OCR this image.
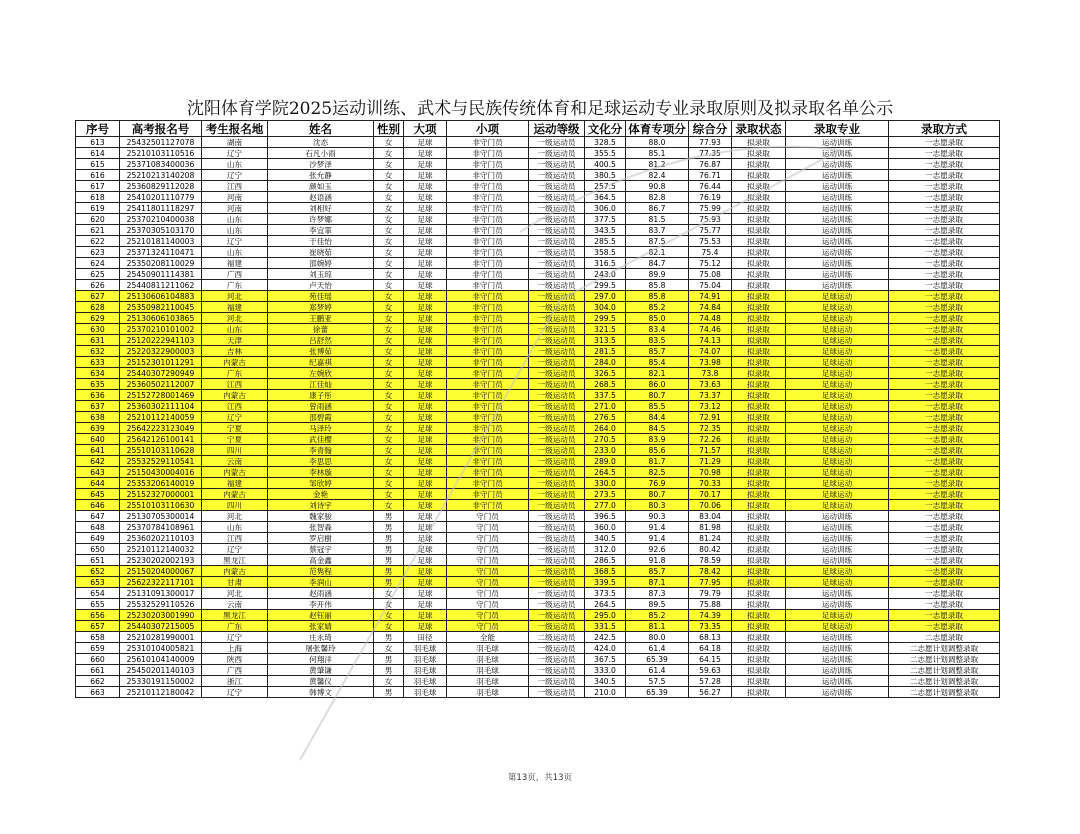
沈阳体育学院2025运动训练、武术与民族传统体育和足球运动专业录取原则及拟录取名单公示
序号	高考报名号	考生报名地	姓名	性别	大项	小项	运动等级	文化分	体育专项分	综合分	录取状态	录取专业	录取方式
613	25432501127078	湖南	沈态	女	足球	非守门员	一级运动员	328.5	88.0	77.93	拟录取	运动训练	一志愿录取
614	25210103110516	辽宁	石凡小雨	女	足球	非守门员	一级运动员	355.5	85.1	77.35	拟录取	运动训练	一志愿录取
615	25371083400036	山东	沙梦泽	女	足球	非守门员	一级运动员	400.5	81.2	76.87	拟录取	运动训练	一志愿录取
616	25210213140208	辽宁	张允静	女	足球	非守门员	一级运动员	380.5	82.4	76.71	拟录取	运动训练	一志愿录取
617	25360829112028	江西	颜如玉	女	足球	非守门员	一级运动员	257.5	90.8	76.44	拟录取	运动训练	一志愿录取
618	25410201110779	河南	赵语涵	女	足球	非守门员	一级运动员	364.5	82.8	76.19	拟录取	运动训练	一志愿录取
619	25411801118297	河南	刘相好	女	足球	非守门员	一级运动员	306.0	86.7	75.99	拟录取	运动训练	一志愿录取
620	25370210400038	山东	许梦娜	女	足球	非守门员	一级运动员	377.5	81.5	75.93	拟录取	运动训练	一志愿录取
621	25370305103170	山东	李宜霏	女	足球	非守门员	一级运动员	343.5	83.7	75.77	拟录取	运动训练	一志愿录取
622	25210181140003	辽宁	于佳怡	女	足球	非守门员	一级运动员	285.5	87.5	75.53	拟录取	运动训练	一志愿录取
623	25371324110471	山东	崔晓茹	女	足球	非守门员	一级运动员	358.5	82.1	75.4	拟录取	运动训练	一志愿录取
624	25350208110029	福建	邵婉婷	女	足球	非守门员	一级运动员	316.5	84.7	75.12	拟录取	运动训练	一志愿录取
625	25450901114381	广西	刘玉琼	女	足球	非守门员	一级运动员	243.0	89.9	75.08	拟录取	运动训练	一志愿录取
626	25440811211062	广东	卢天怡	女	足球	非守门员	一级运动员	299.5	85.8	75.04	拟录取	运动训练	一志愿录取
627	25130606104883	河北	苑佳瑶	女	足球	非守门员	一级运动员	297.0	85.8	74.91	拟录取	足球运动	一志愿录取
628	25350982110045	福建	郑梦婷	女	足球	非守门员	一级运动员	304.0	85.2	74.84	拟录取	足球运动	一志愿录取
629	25130606103865	河北	王鹏亚	女	足球	非守门员	一级运动员	299.5	85.0	74.48	拟录取	足球运动	一志愿录取
630	25370210101002	山东	徐蕾	女	足球	非守门员	一级运动员	321.5	83.4	74.46	拟录取	足球运动	一志愿录取
631	25120222941103	天津	吕舒然	女	足球	非守门员	一级运动员	313.5	83.5	74.13	拟录取	足球运动	一志愿录取
632	25220322900003	吉林	张博茹	女	足球	非守门员	一级运动员	281.5	85.7	74.07	拟录取	足球运动	一志愿录取
633	25152301011291	内蒙古	纪嘉祺	女	足球	非守门员	一级运动员	284.0	85.4	73.98	拟录取	足球运动	一志愿录取
634	25440307290949	广东	左婉欣	女	足球	非守门员	一级运动员	326.5	82.1	73.8	拟录取	足球运动	一志愿录取
635	25360502112007	江西	江佳灿	女	足球	非守门员	一级运动员	268.5	86.0	73.63	拟录取	足球运动	一志愿录取
636	25152728001469	内蒙古	康子彤	女	足球	非守门员	一级运动员	337.5	80.7	73.37	拟录取	足球运动	一志愿录取
637	25360302111104	江西	曾雨涵	女	足球	非守门员	一级运动员	271.0	85.5	73.12	拟录取	足球运动	一志愿录取
638	25210112140059	辽宁	邵碧霞	女	足球	非守门员	一级运动员	276.5	84.4	72.91	拟录取	足球运动	一志愿录取
639	25642223123049	宁夏	马泽玲	女	足球	非守门员	一级运动员	264.0	84.5	72.35	拟录取	足球运动	一志愿录取
640	25642126100141	宁夏	武佳樱	女	足球	非守门员	一级运动员	270.5	83.9	72.26	拟录取	足球运动	一志愿录取
641	25510103110628	四川	李青翰	女	足球	非守门员	一级运动员	233.0	85.6	71.57	拟录取	足球运动	一志愿录取
642	25532529110541	云南	李思思	女	足球	非守门员	一级运动员	289.0	81.7	71.29	拟录取	足球运动	一志愿录取
643	25150430004016	内蒙古	李林璇	女	足球	非守门员	一级运动员	264.5	82.5	70.98	拟录取	足球运动	一志愿录取
644	25353206140019	福建	邹欣婷	女	足球	非守门员	一级运动员	330.0	76.9	70.33	拟录取	足球运动	一志愿录取
645	25152327000001	内蒙古	金艳	女	足球	非守门员	一级运动员	273.5	80.7	70.17	拟录取	足球运动	一志愿录取
646	25510103110630	四川	刘诗宇	女	足球	非守门员	一级运动员	277.0	80.3	70.06	拟录取	足球运动	一志愿录取
647	25130705300014	河北	魏家骏	男	足球	守门员	一级运动员	396.5	90.3	83.04	拟录取	运动训练	一志愿录取
648	25370784108961	山东	张智森	男	足球	守门员	一级运动员	360.0	91.4	81.98	拟录取	运动训练	一志愿录取
649	25360202110103	江西	罗启樹	男	足球	守门员	一级运动员	340.5	91.4	81.24	拟录取	运动训练	一志愿录取
650	25210112140032	辽宁	蔡冠宇	男	足球	守门员	一级运动员	312.0	92.6	80.42	拟录取	运动训练	一志愿录取
651	25230202002193	黑龙江	高金鑫	男	足球	守门员	一级运动员	286.5	91.8	78.59	拟录取	运动训练	一志愿录取
652	25150204000067	内蒙古	范隽程	男	足球	守门员	一级运动员	368.5	85.7	78.42	拟录取	足球运动	一志愿录取
653	25622322117101	甘肃	李润山	男	足球	守门员	一级运动员	339.5	87.1	77.95	拟录取	足球运动	一志愿录取
654	25131091300017	河北	赵雨涵	女	足球	守门员	一级运动员	373.5	87.3	79.79	拟录取	运动训练	一志愿录取
655	25532529110526	云南	李开伟	女	足球	守门员	一级运动员	264.5	89.5	75.88	拟录取	运动训练	一志愿录取
656	25230203001990	黑龙江	赵钰丽	女	足球	守门员	一级运动员	295.0	85.2	74.39	拟录取	足球运动	一志愿录取
657	25440307215005	广东	张家婧	女	足球	守门员	一级运动员	331.5	81.1	73.35	拟录取	足球运动	一志愿录取
658	25210281990001	辽宁	庄永琦	男	田径	全能	二级运动员	242.5	80.0	68.13	拟录取	运动训练	二志愿录取
659	25310104005821	上海	屠张馨玲	女	羽毛球	羽毛球	一级运动员	424.0	61.4	64.18	拟录取	运动训练	二志愿计划调整录取
660	25610104140009	陕西	何翔洋	男	羽毛球	羽毛球	一级运动员	367.5	65.39	64.15	拟录取	运动训练	二志愿计划调整录取
661	25450201140103	广西	黄肇谦	男	羽毛球	羽毛球	一级运动员	333.0	61.4	59.63	拟录取	运动训练	二志愿计划调整录取
662	25330191150002	浙江	黄馨仪	女	羽毛球	羽毛球	一级运动员	340.5	57.5	57.28	拟录取	运动训练	二志愿计划调整录取
663	25210112180042	辽宁	韩博文	男	羽毛球	羽毛球	一级运动员	210.0	65.39	56.27	拟录取	运动训练	二志愿计划调整录取
第13页，共13页
